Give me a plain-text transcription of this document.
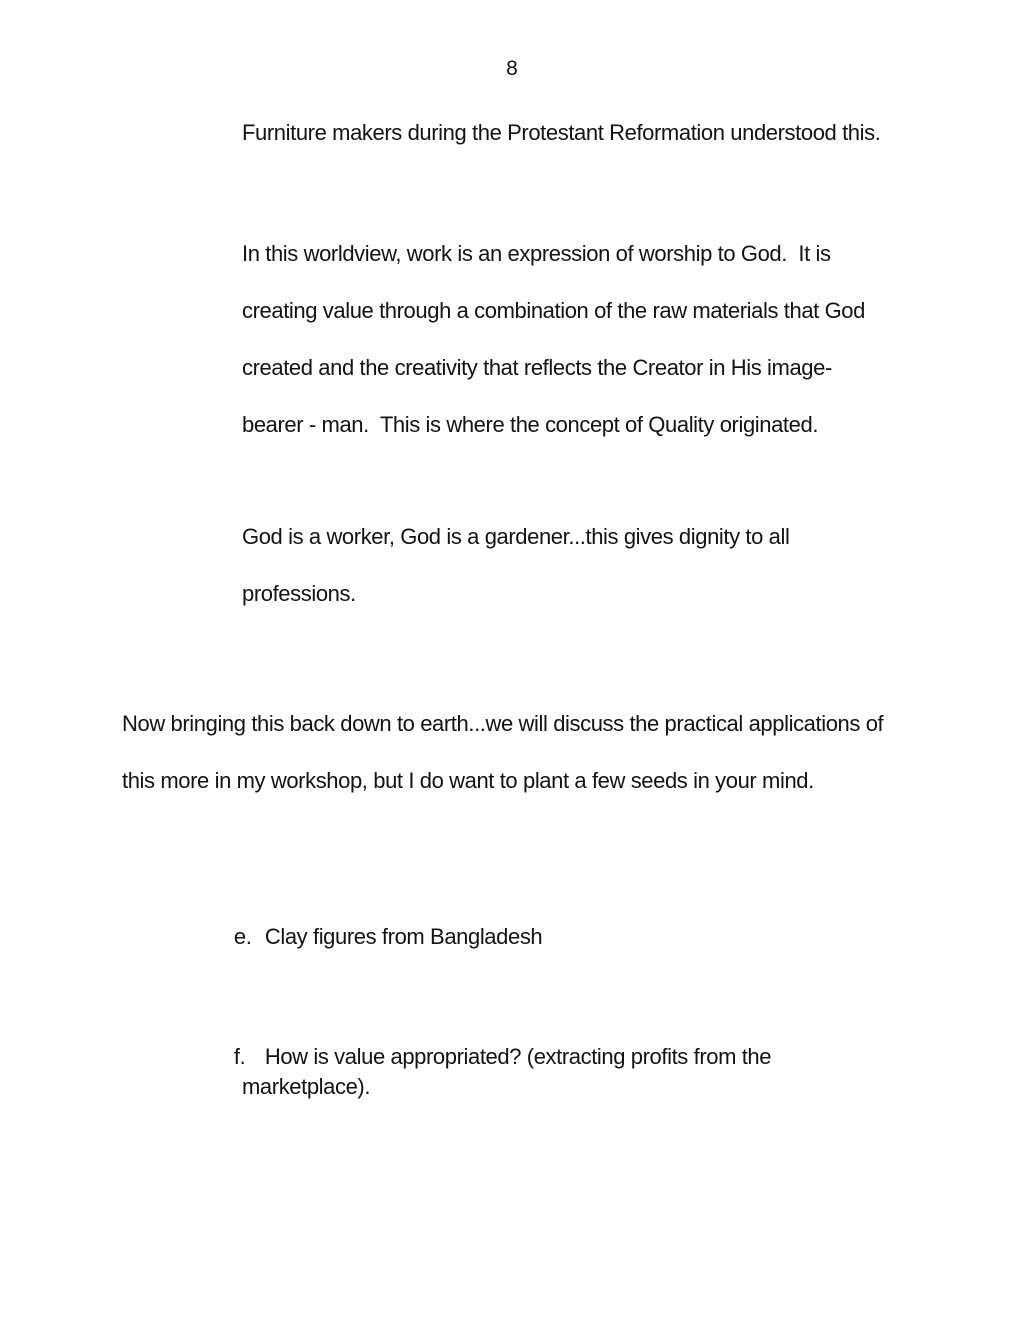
8
Furniture makers during the Protestant Reformation understood this.
In this worldview, work is an expression of worship to God.  It is
creating value through a combination of the raw materials that God
created and the creativity that reflects the Creator in His image-
bearer - man.  This is where the concept of Quality originated.
God is a worker, God is a gardener...this gives dignity to all
professions.
Now bringing this back down to earth...we will discuss the practical applications of
this more in my workshop, but I do want to plant a few seeds in your mind.

e. Clay figures from Bangladesh

f. How is value appropriated? (extracting profits from the

marketplace).
